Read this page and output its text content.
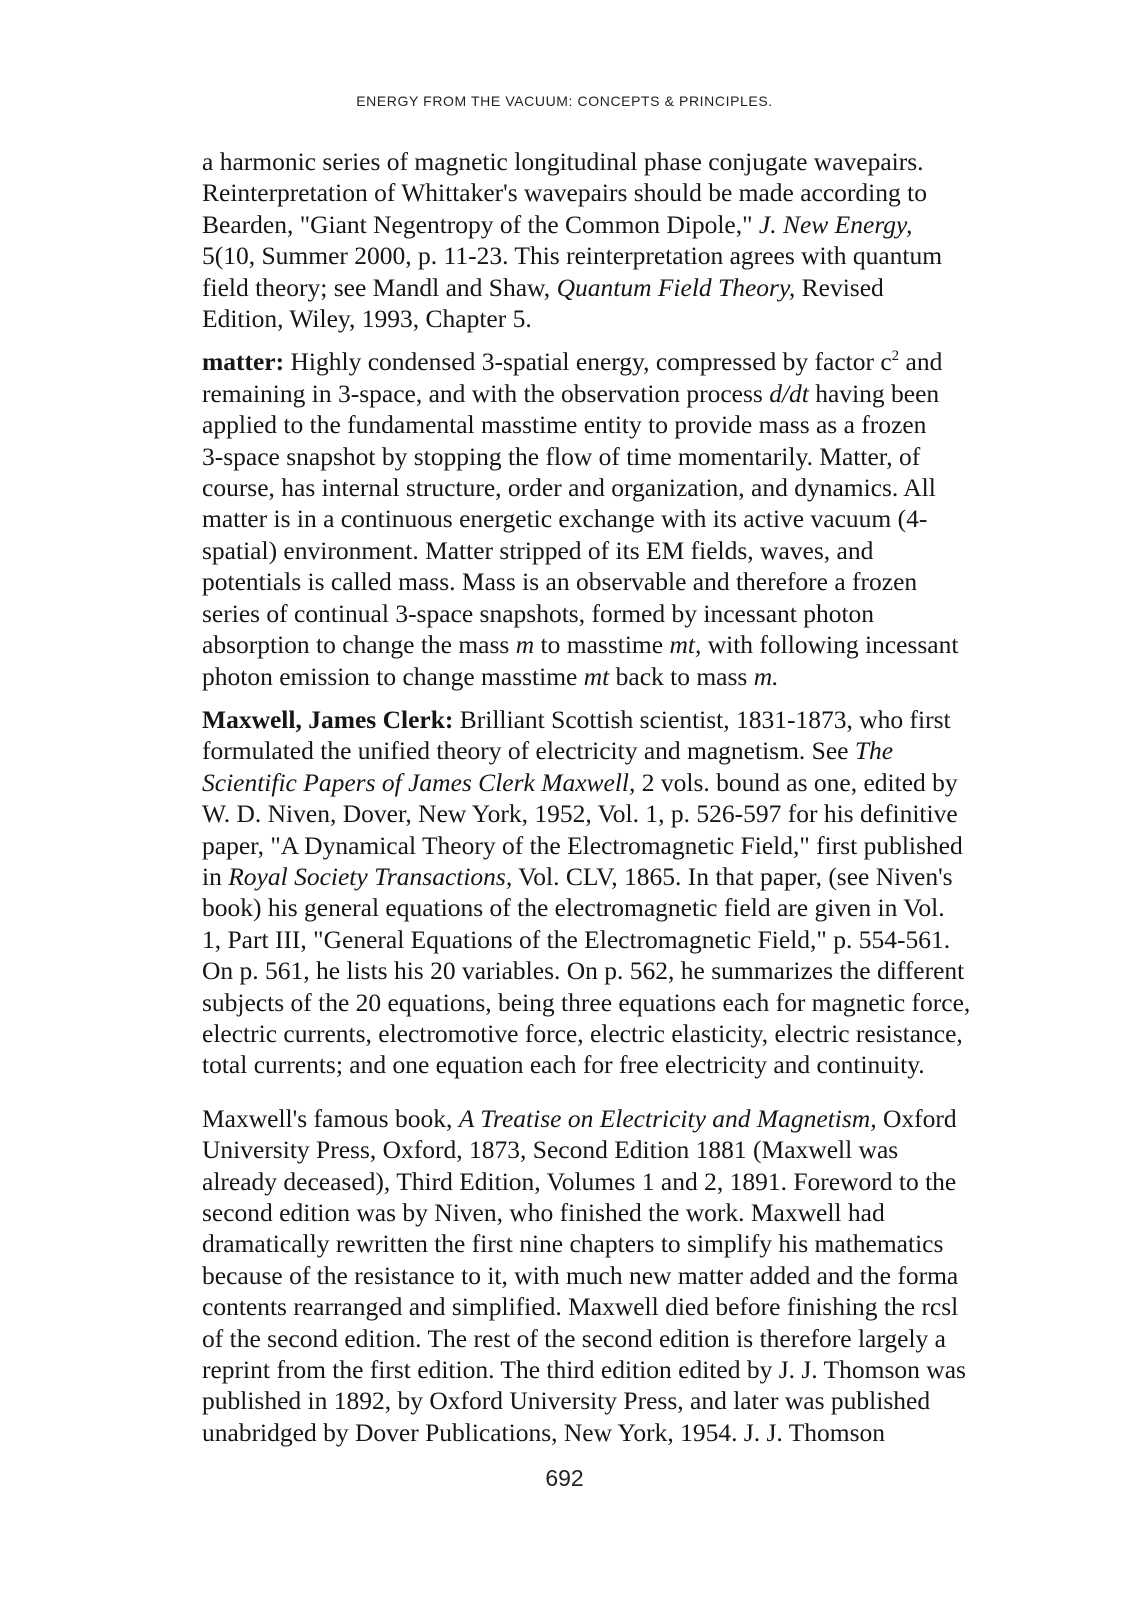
ENERGY FROM THE VACUUM: CONCEPTS & PRINCIPLES.
a harmonic series of magnetic longitudinal phase conjugate wavepairs.
Reinterpretation of Whittaker's wavepairs should be made according to
Bearden, "Giant Negentropy of the Common Dipole," J. New Energy,
5(10, Summer 2000, p. 11-23. This reinterpretation agrees with quantum
field theory; see Mandl and Shaw, Quantum Field Theory, Revised
Edition, Wiley, 1993, Chapter 5.
matter: Highly condensed 3-spatial energy, compressed by factor $c^2$ and
remaining in 3-space, and with the observation process d/dt having been
applied to the fundamental masstime entity to provide mass as a frozen
3-space snapshot by stopping the flow of time momentarily. Matter, of
course, has internal structure, order and organization, and dynamics. All
matter is in a continuous energetic exchange with its active vacuum (4-
spatial) environment. Matter stripped of its EM fields, waves, and
potentials is called mass. Mass is an observable and therefore a frozen
series of continual 3-space snapshots, formed by incessant photon
absorption to change the mass m to masstime mt, with following incessant
photon emission to change masstime mt back to mass m.
Maxwell, James Clerk: Brilliant Scottish scientist, 1831-1873, who first
formulated the unified theory of electricity and magnetism. See The
Scientific Papers of James Clerk Maxwell, 2 vols. bound as one, edited by
W. D. Niven, Dover, New York, 1952, Vol. 1, p. 526-597 for his definitive
paper, "A Dynamical Theory of the Electromagnetic Field," first published
in Royal Society Transactions, Vol. CLV, 1865. In that paper, (see Niven's
book) his general equations of the electromagnetic field are given in Vol.
1, Part III, "General Equations of the Electromagnetic Field," p. 554-561.
On p. 561, he lists his 20 variables. On p. 562, he summarizes the different
subjects of the 20 equations, being three equations each for magnetic force,
electric currents, electromotive force, electric elasticity, electric resistance,
total currents; and one equation each for free electricity and continuity.
Maxwell's famous book, A Treatise on Electricity and Magnetism, Oxford
University Press, Oxford, 1873, Second Edition 1881 (Maxwell was
already deceased), Third Edition, Volumes 1 and 2, 1891. Foreword to the
second edition was by Niven, who finished the work. Maxwell had
dramatically rewritten the first nine chapters to simplify his mathematics
because of the resistance to it, with much new matter added and the forma
contents rearranged and simplified. Maxwell died before finishing the rcsl
of the second edition. The rest of the second edition is therefore largely a
reprint from the first edition. The third edition edited by J. J. Thomson was
published in 1892, by Oxford University Press, and later was published
unabridged by Dover Publications, New York, 1954. J. J. Thomson
692
